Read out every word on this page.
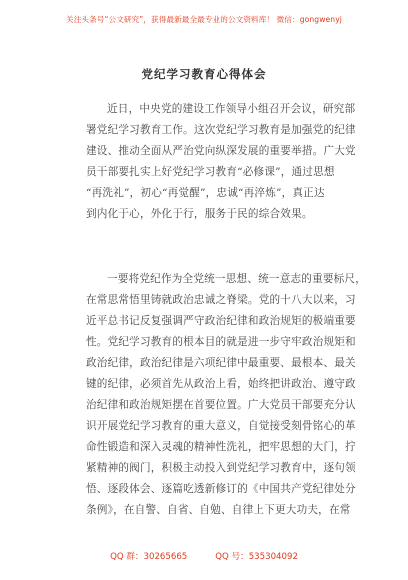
关注头条号“公文研究”，获得最新最全最专业的公文资料库！ 微信：gongwenyj
党纪学习教育心得体会
近日，中央党的建设工作领导小组召开会议，研究部
署党纪学习教育工作。这次党纪学习教育是加强党的纪律
建设、推动全面从严治党向纵深发展的重要举措。广大党
员干部要扎实上好党纪学习教育“必修课”，通过思想
“再洗礼”，初心“再觉醒”，忠诚“再淬炼”，真正达
到内化于心，外化于行，服务于民的综合效果。
一要将党纪作为全党统一思想、统一意志的重要标尺，
在常思常悟里铸就政治忠诚之脊梁。党的十八大以来，习
近平总书记反复强调严守政治纪律和政治规矩的极端重要
性。党纪学习教育的根本目的就是进一步守牢政治规矩和
政治纪律，政治纪律是六项纪律中最重要、最根本、最关
键的纪律，必须首先从政治上看，始终把讲政治、遵守政
治纪律和政治规矩摆在首要位置。广大党员干部要充分认
识开展党纪学习教育的重大意义，自觉接受刻骨铭心的革
命性锻造和深入灵魂的精神性洗礼，把牢思想的大门，拧
紧精神的阀门，积极主动投入到党纪学习教育中，逐句领
悟、逐段体会、逐篇吃透新修订的《中国共产党纪律处分
条例》，在自警、自省、自勉、自律上下更大功夫，在常
QQ 群：30265665	QQ 号：535304092
